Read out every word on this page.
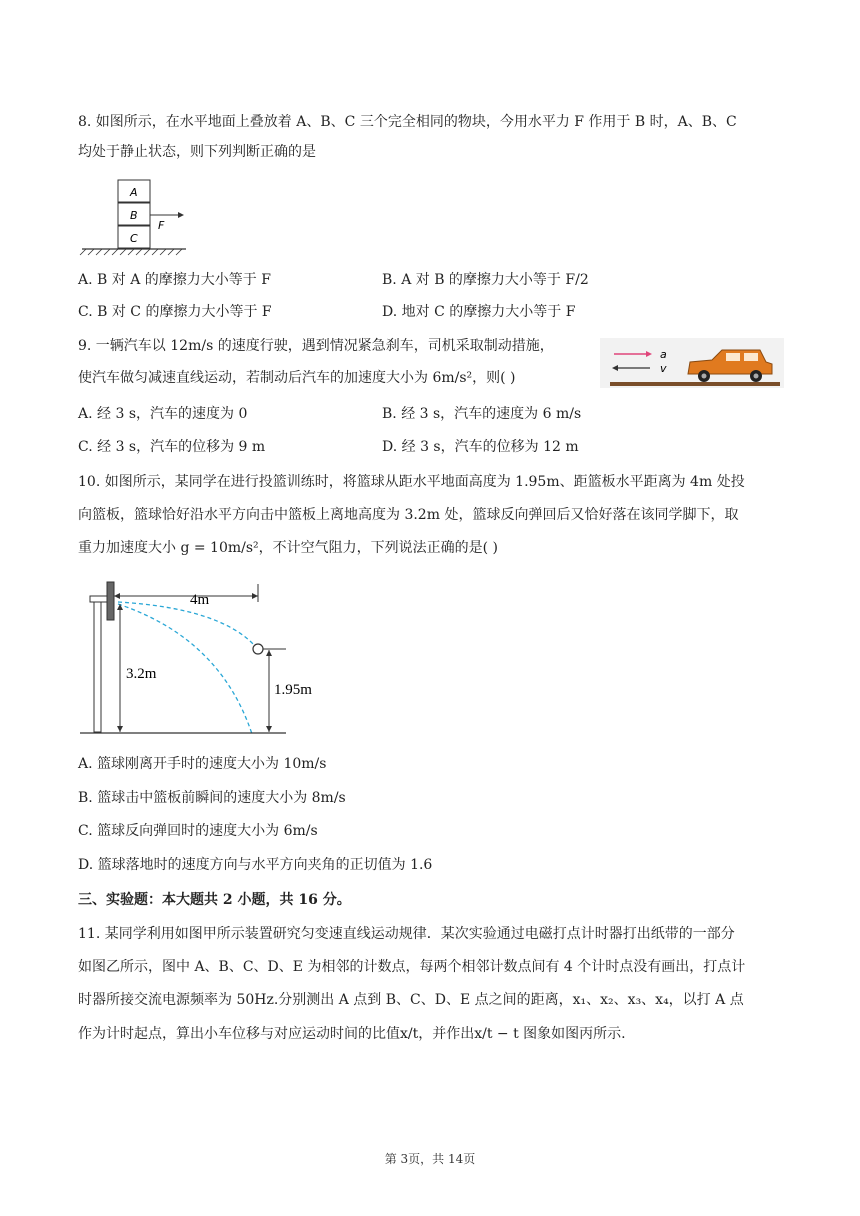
8. 如图所示，在水平地面上叠放着 A、B、C 三个完全相同的物块，今用水平力 F 作用于 B 时，A、B、C
均处于静止状态，则下列判断正确的是
A
B
C
F
A. B 对 A 的摩擦力大小等于 F	B. A 对 B 的摩擦力大小等于 F/2
C. B 对 C 的摩擦力大小等于 F	D. 地对 C 的摩擦力大小等于 F
9. 一辆汽车以 12m/s 的速度行驶，遇到情况紧急刹车，司机采取制动措施，
使汽车做匀减速直线运动，若制动后汽车的加速度大小为 6m/s²，则( )
a
v
A. 经 3 s，汽车的速度为 0	B. 经 3 s，汽车的速度为 6 m/s
C. 经 3 s，汽车的位移为 9 m	D. 经 3 s，汽车的位移为 12 m
10. 如图所示，某同学在进行投篮训练时，将篮球从距水平地面高度为 1.95m、距篮板水平距离为 4m 处投
向篮板，篮球恰好沿水平方向击中篮板上离地高度为 3.2m 处，篮球反向弹回后又恰好落在该同学脚下，取
重力加速度大小 g = 10m/s²，不计空气阻力，下列说法正确的是( )
4m
3.2m
1.95m
A. 篮球刚离开手时的速度大小为 10m/s
B. 篮球击中篮板前瞬间的速度大小为 8m/s
C. 篮球反向弹回时的速度大小为 6m/s
D. 篮球落地时的速度方向与水平方向夹角的正切值为 1.6
三、实验题：本大题共 2 小题，共 16 分。
11. 某同学利用如图甲所示装置研究匀变速直线运动规律．某次实验通过电磁打点计时器打出纸带的一部分
如图乙所示，图中 A、B、C、D、E 为相邻的计数点，每两个相邻计数点间有 4 个计时点没有画出，打点计
时器所接交流电源频率为 50Hz.分别测出 A 点到 B、C、D、E 点之间的距离，x₁、x₂、x₃、x₄，以打 A 点
作为计时起点，算出小车位移与对应运动时间的比值x/t，并作出x/t − t 图象如图丙所示.
第 3页，共 14页
